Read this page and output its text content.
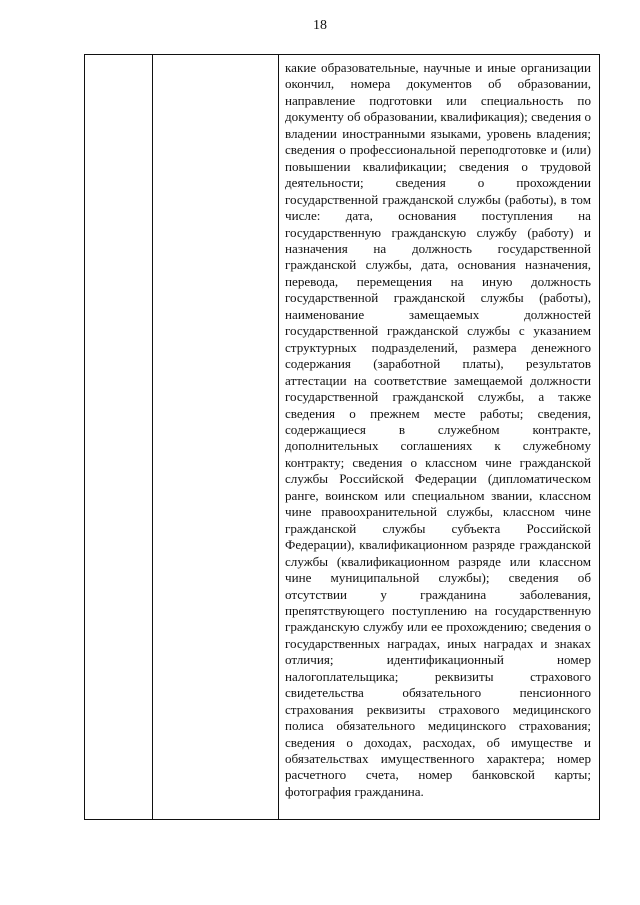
18
какие образовательные, научные и иные организации окончил, номера документов об образовании, направление подготовки или специальность по документу об образовании, квалификация); сведения о владении иностранными языками, уровень владения; сведения о профессиональной переподготовке и (или) повышении квалификации; сведения о трудовой деятельности; сведения о прохождении государственной гражданской службы (работы), в том числе: дата, основания поступления на государственную гражданскую службу (работу) и назначения на должность государственной гражданской службы, дата, основания назначения, перевода, перемещения на иную должность государственной гражданской службы (работы), наименование замещаемых должностей государственной гражданской службы с указанием структурных подразделений, размера денежного содержания (заработной платы), результатов аттестации на соответствие замещаемой должности государственной гражданской службы, а также сведения о прежнем месте работы; сведения, содержащиеся в служебном контракте, дополнительных соглашениях к служебному контракту; сведения о классном чине гражданской службы Российской Федерации (дипломатическом ранге, воинском или специальном звании, классном чине правоохранительной службы, классном чине гражданской службы субъекта Российской Федерации), квалификационном разряде гражданской службы (квалификационном разряде или классном чине муниципальной службы); сведения об отсутствии у гражданина заболевания, препятствующего поступлению на государственную гражданскую службу или ее прохождению; сведения о государственных наградах, иных наградах и знаках отличия; идентификационный номер налогоплательщика; реквизиты страхового свидетельства обязательного пенсионного страхования реквизиты страхового медицинского полиса обязательного медицинского страхования; сведения о доходах, расходах, об имуществе и обязательствах имущественного характера; номер расчетного счета, номер банковской карты; фотография гражданина.
